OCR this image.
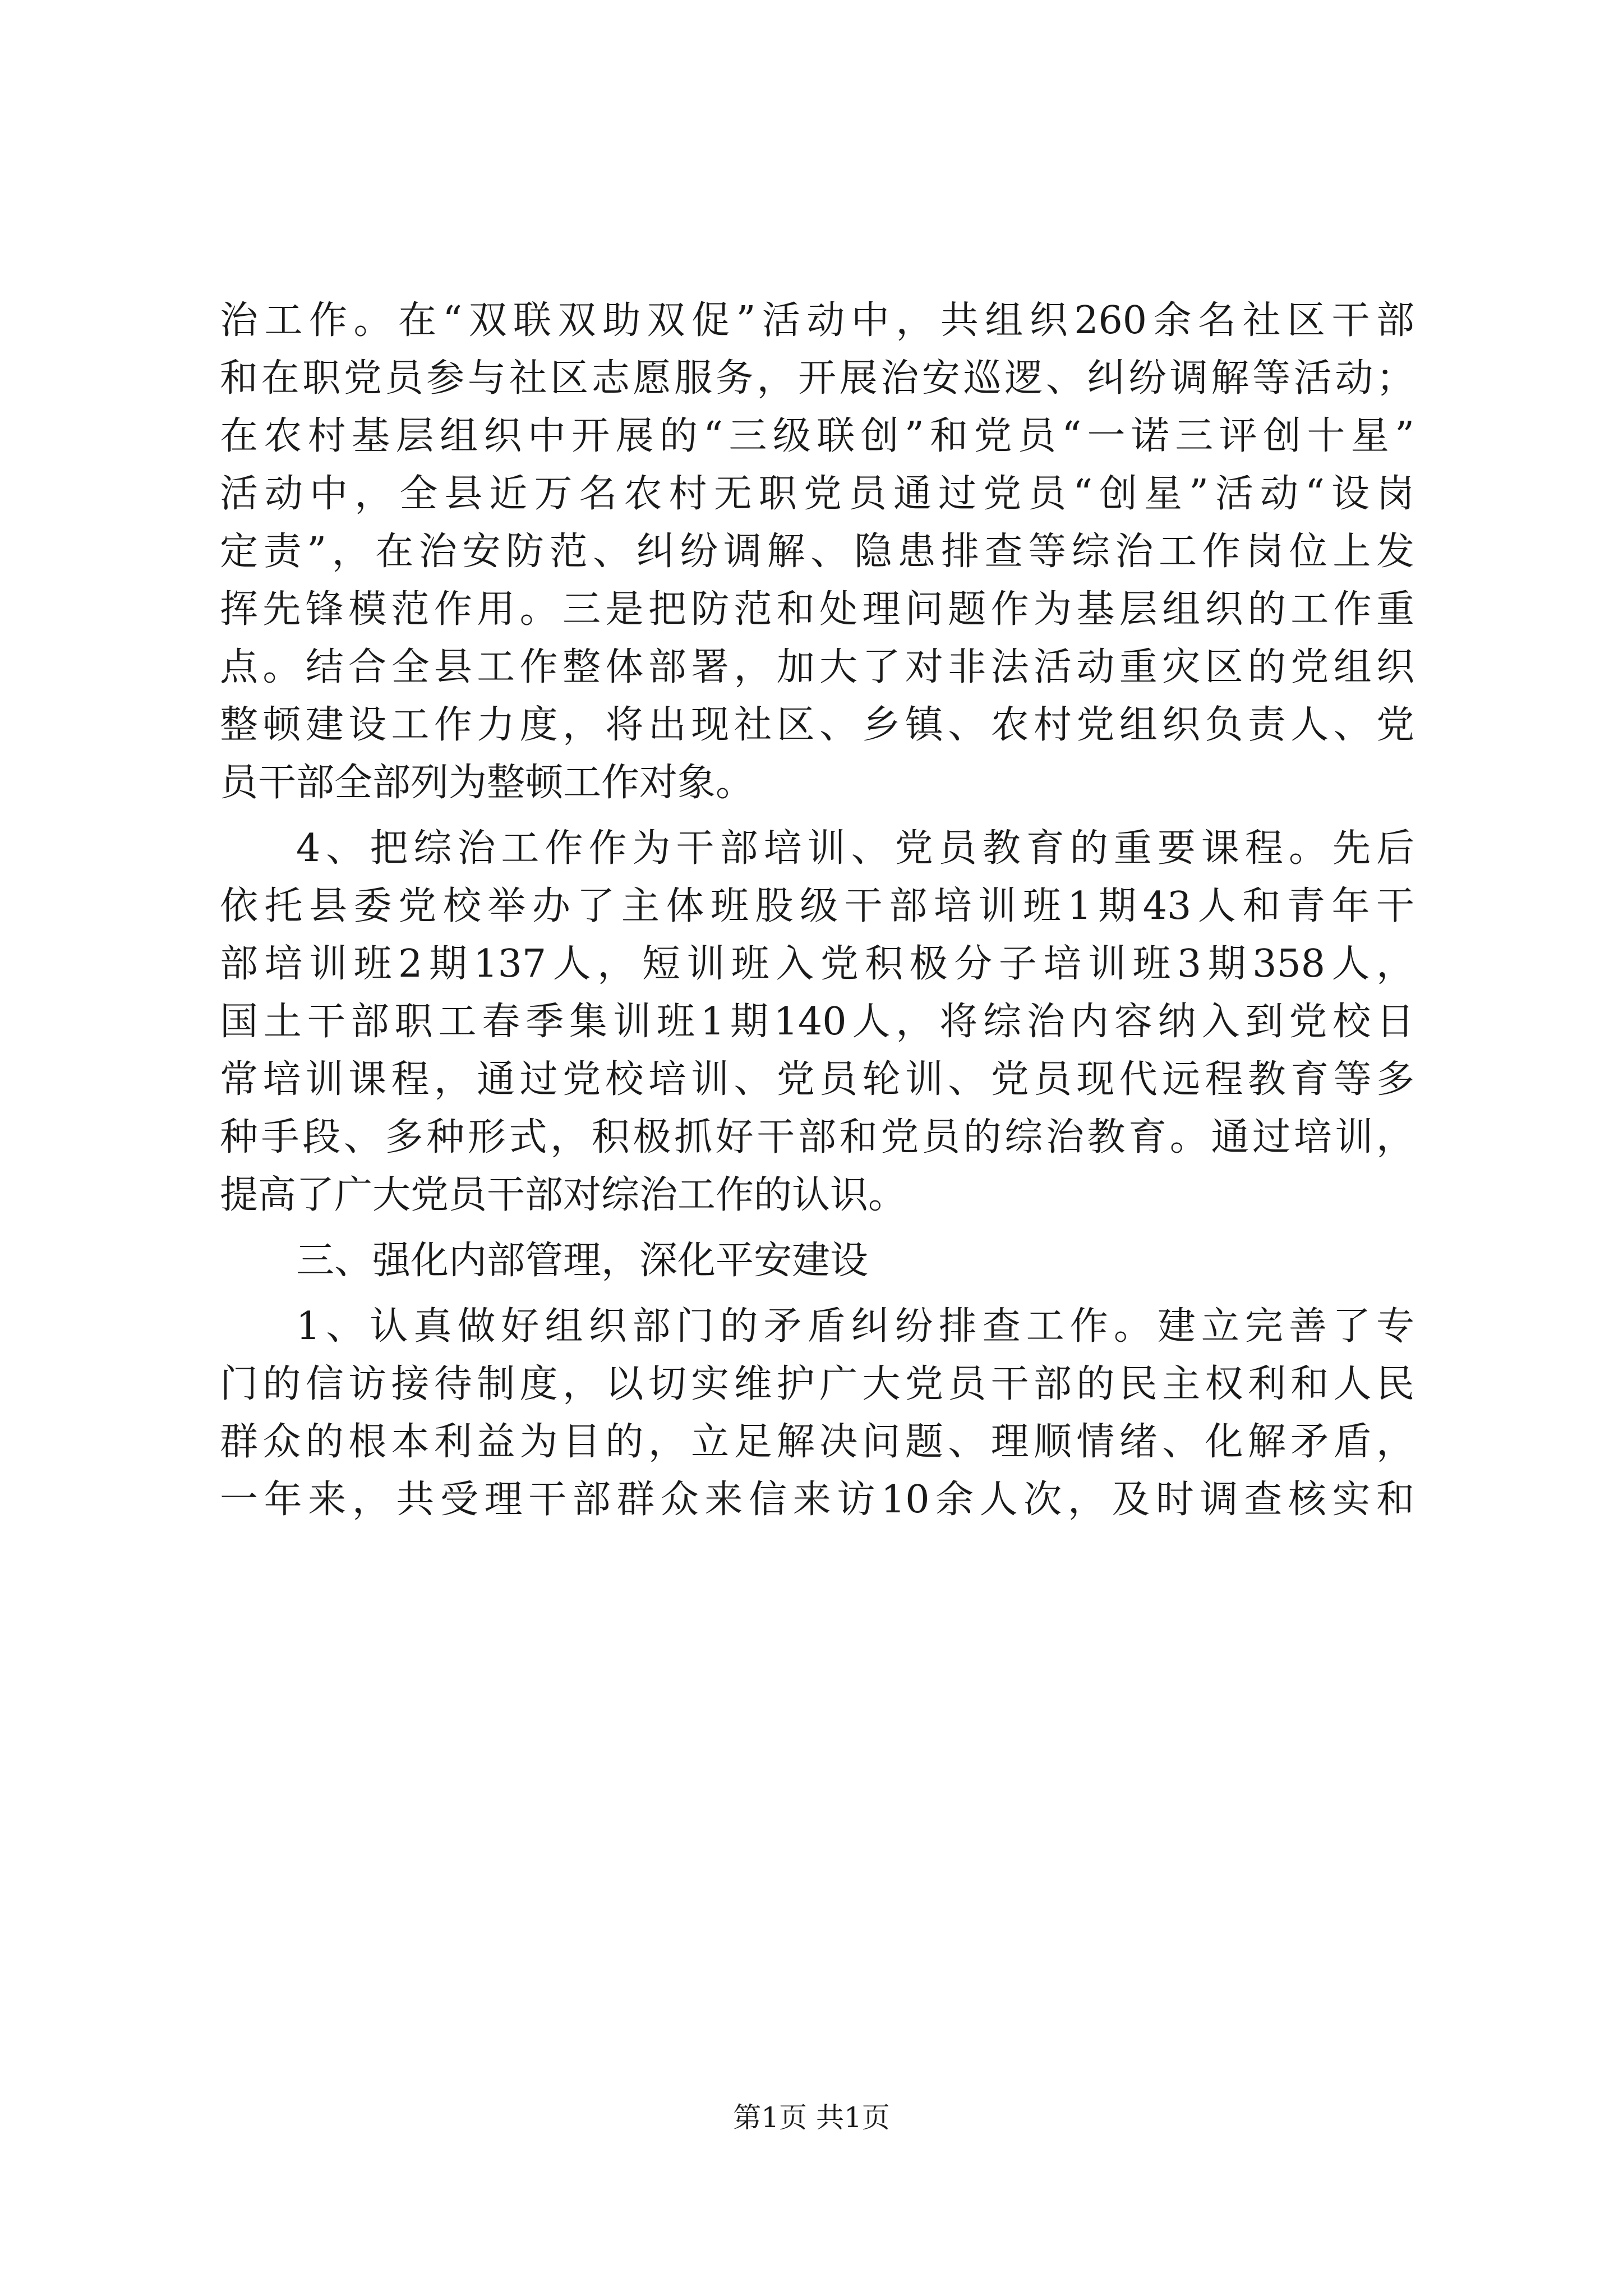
治工作。在“双联双助双促”活动中，共组织260余名社区干部
和在职党员参与社区志愿服务，开展治安巡逻、纠纷调解等活动；
在农村基层组织中开展的“三级联创”和党员“一诺三评创十星”
活动中，全县近万名农村无职党员通过党员“创星”活动“设岗
定责”，在治安防范、纠纷调解、隐患排查等综治工作岗位上发
挥先锋模范作用。三是把防范和处理问题作为基层组织的工作重
点。结合全县工作整体部署，加大了对非法活动重灾区的党组织
整顿建设工作力度，将出现社区、乡镇、农村党组织负责人、党
员干部全部列为整顿工作对象。
4、把综治工作作为干部培训、党员教育的重要课程。先后
依托县委党校举办了主体班股级干部培训班1期43人和青年干
部培训班2期137人，短训班入党积极分子培训班3期358人，
国土干部职工春季集训班1期140人，将综治内容纳入到党校日
常培训课程，通过党校培训、党员轮训、党员现代远程教育等多
种手段、多种形式，积极抓好干部和党员的综治教育。通过培训，
提高了广大党员干部对综治工作的认识。
三、强化内部管理，深化平安建设
1、认真做好组织部门的矛盾纠纷排查工作。建立完善了专
门的信访接待制度，以切实维护广大党员干部的民主权利和人民
群众的根本利益为目的，立足解决问题、理顺情绪、化解矛盾，
一年来，共受理干部群众来信来访10余人次，及时调查核实和
第1页 共1页
